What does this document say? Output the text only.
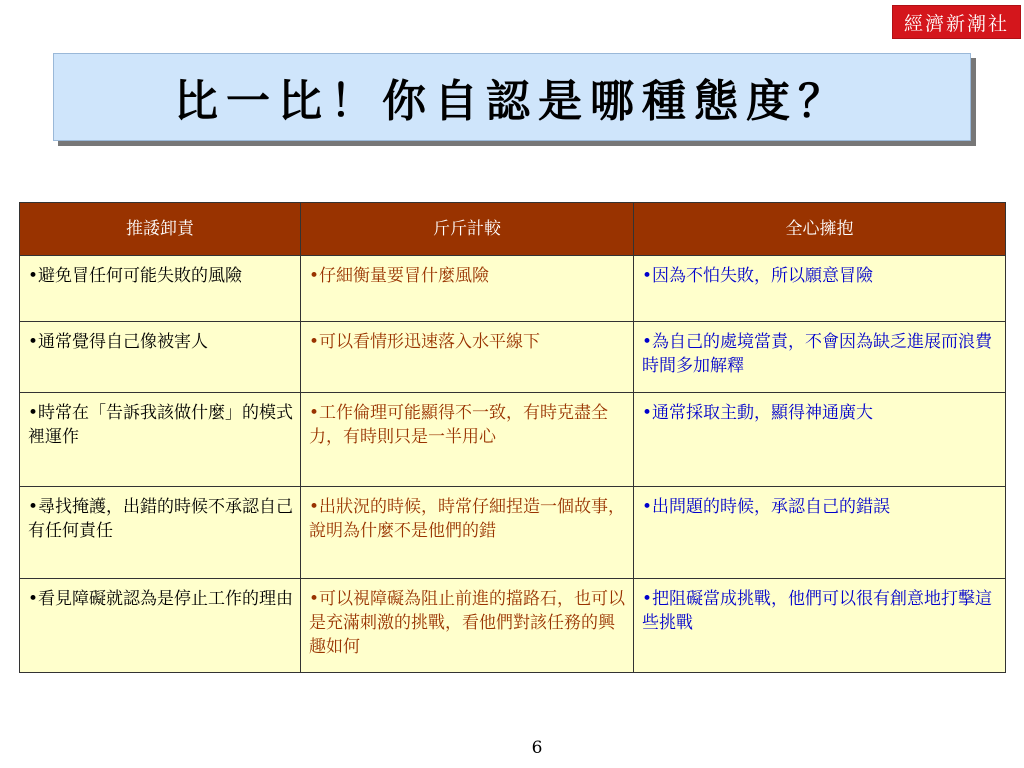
經濟新潮社
比一比！你自認是哪種態度？
推諉卸責	斤斤計較	全心擁抱
•避免冒任何可能失敗的風險	•仔細衡量要冒什麼風險	•因為不怕失敗，所以願意冒險
•通常覺得自己像被害人	•可以看情形迅速落入水平線下	•為自己的處境當責，不會因為缺乏進展而浪費時間多加解釋
•時常在「告訴我該做什麼」的模式裡運作	•工作倫理可能顯得不一致，有時克盡全力，有時則只是一半用心	•通常採取主動，顯得神通廣大
•尋找掩護，出錯的時候不承認自己有任何責任	•出狀況的時候，時常仔細捏造一個故事，說明為什麼不是他們的錯	•出問題的時候，承認自己的錯誤
•看見障礙就認為是停止工作的理由	•可以視障礙為阻止前進的擋路石，也可以是充滿刺激的挑戰，看他們對該任務的興趣如何	•把阻礙當成挑戰，他們可以很有創意地打擊這些挑戰
6
